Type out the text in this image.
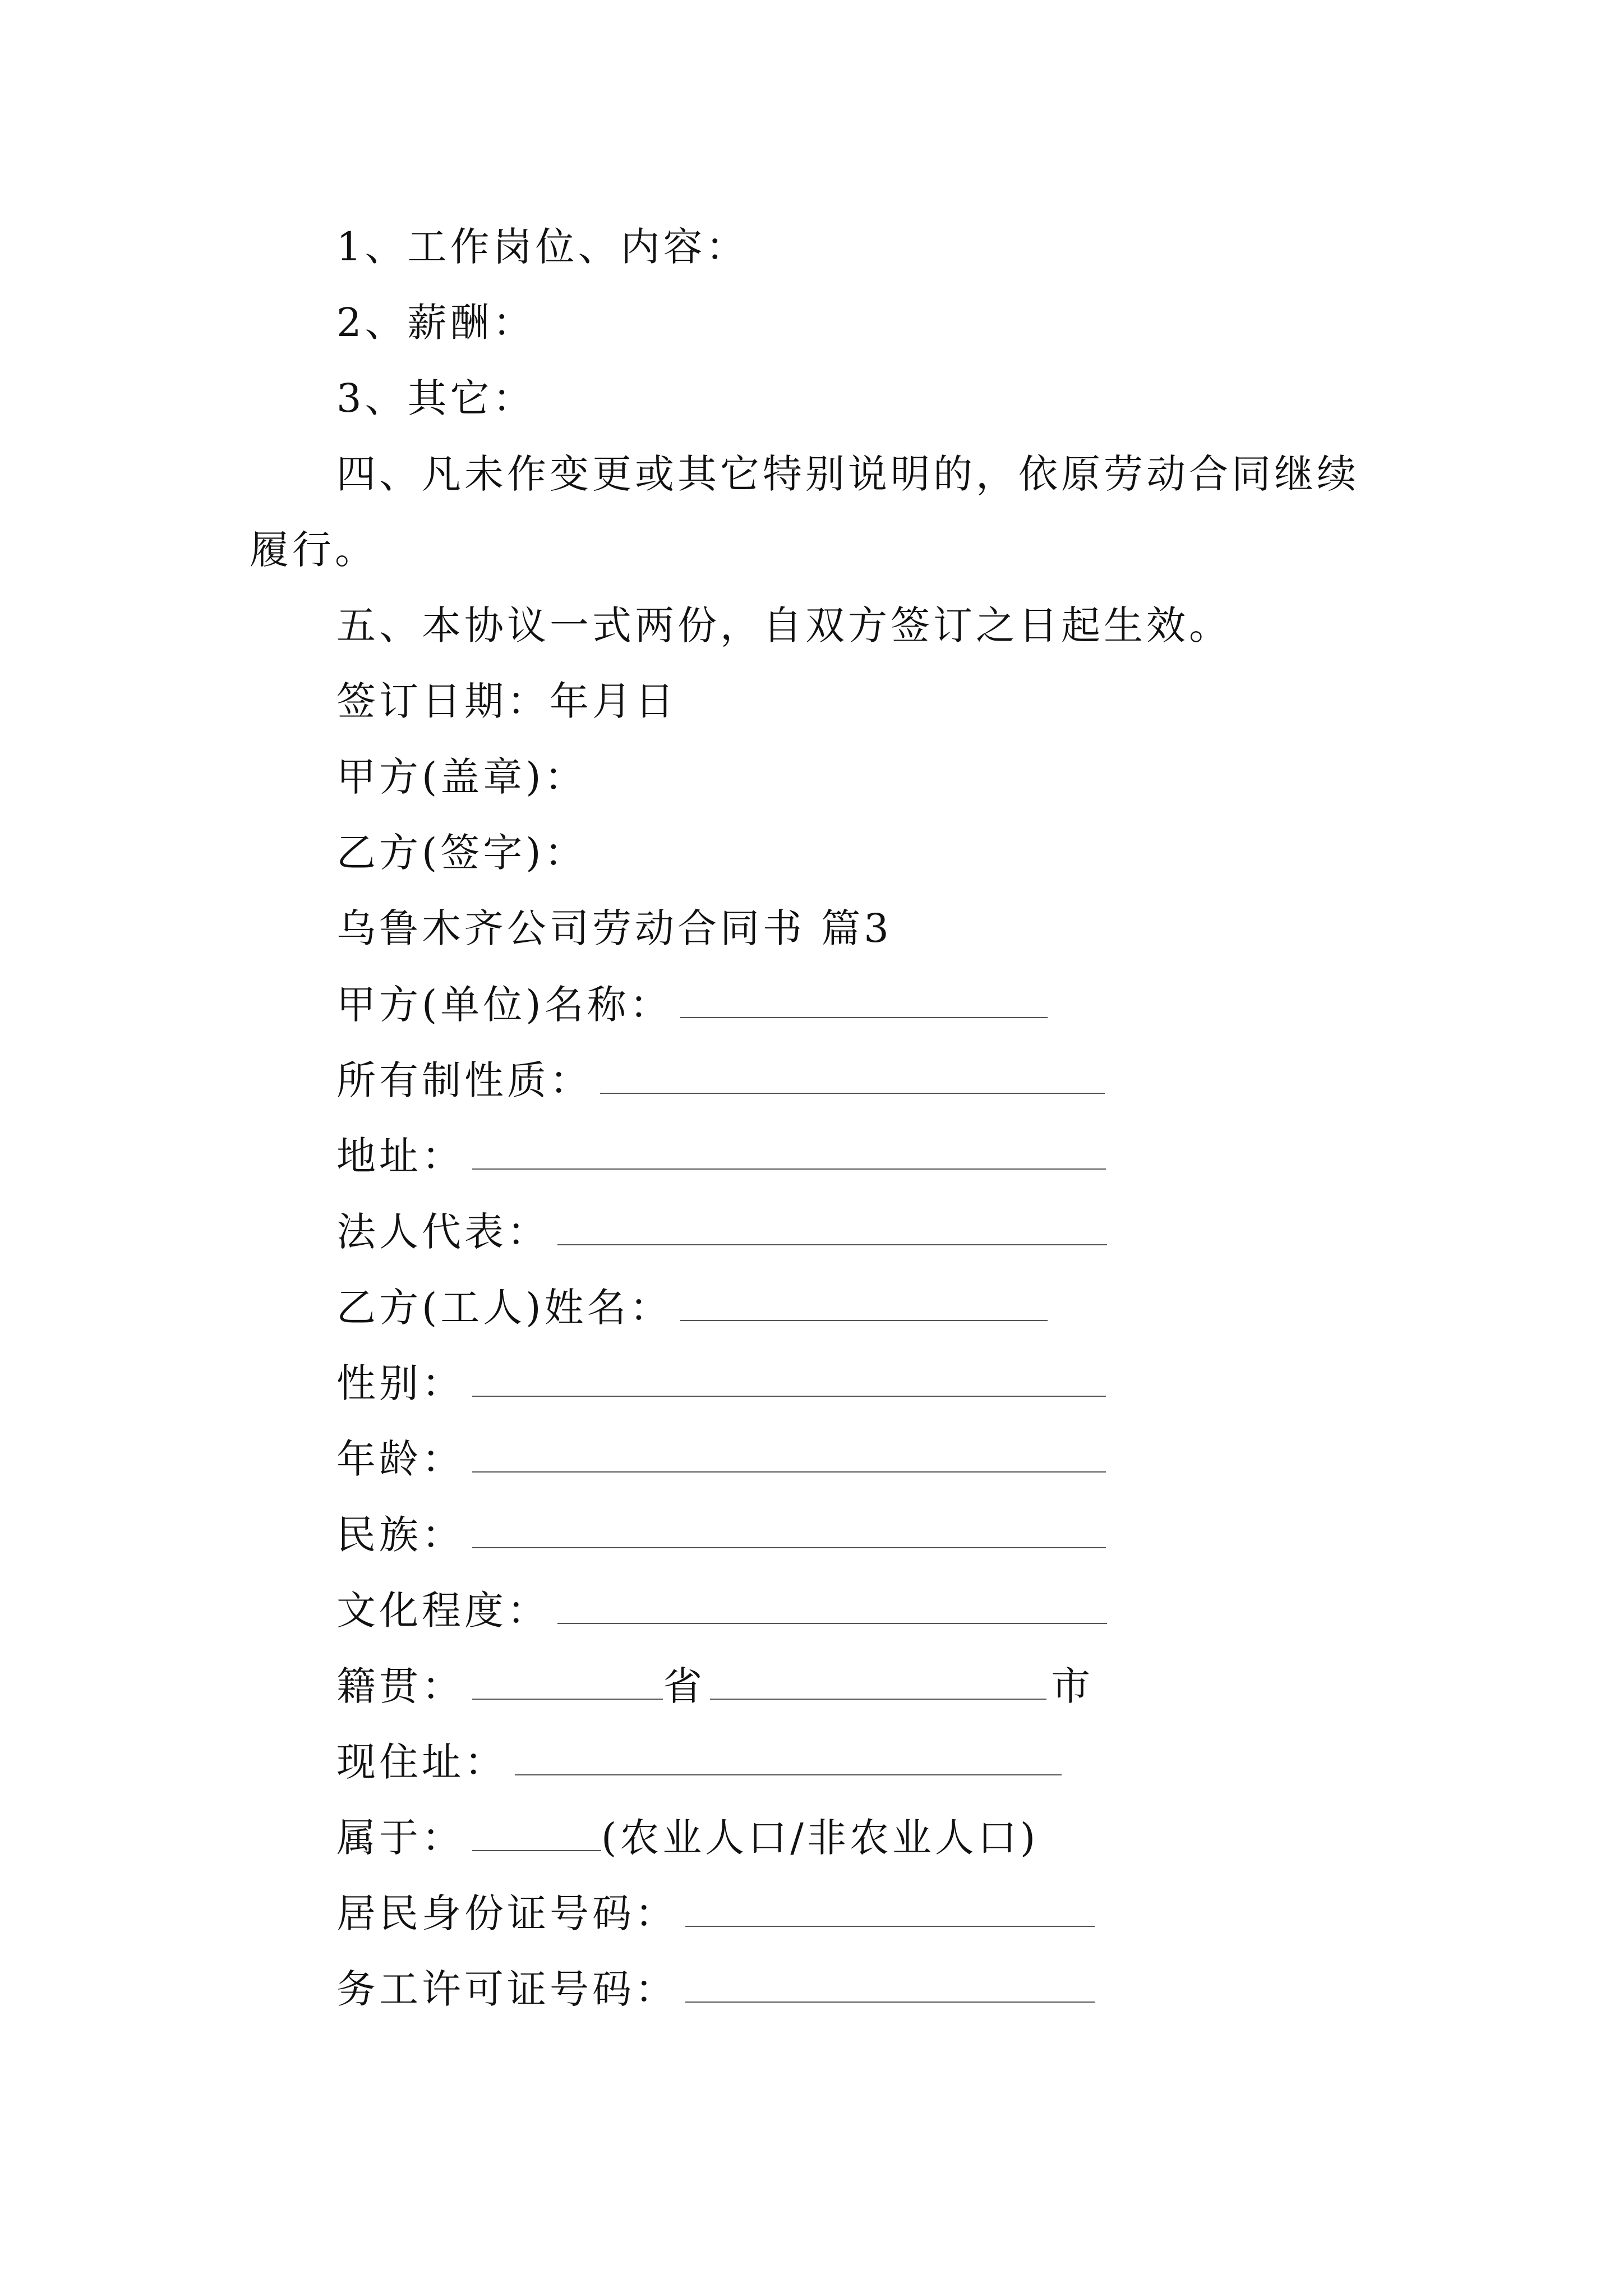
1、工作岗位、内容：
2、薪酬：
3、其它：
四、凡未作变更或其它特别说明的，依原劳动合同继续
履行。
五、本协议一式两份，自双方签订之日起生效。
签订日期：年月日
甲方(盖章)：
乙方(签字)：
乌鲁木齐公司劳动合同书 篇3
甲方(单位)名称：
所有制性质：
地址：
法人代表：
乙方(工人)姓名：
性别：
年龄：
民族：
文化程度：
籍贯：	省	市
现住址：
属于：	(农业人口/非农业人口)
居民身份证号码：
务工许可证号码：
